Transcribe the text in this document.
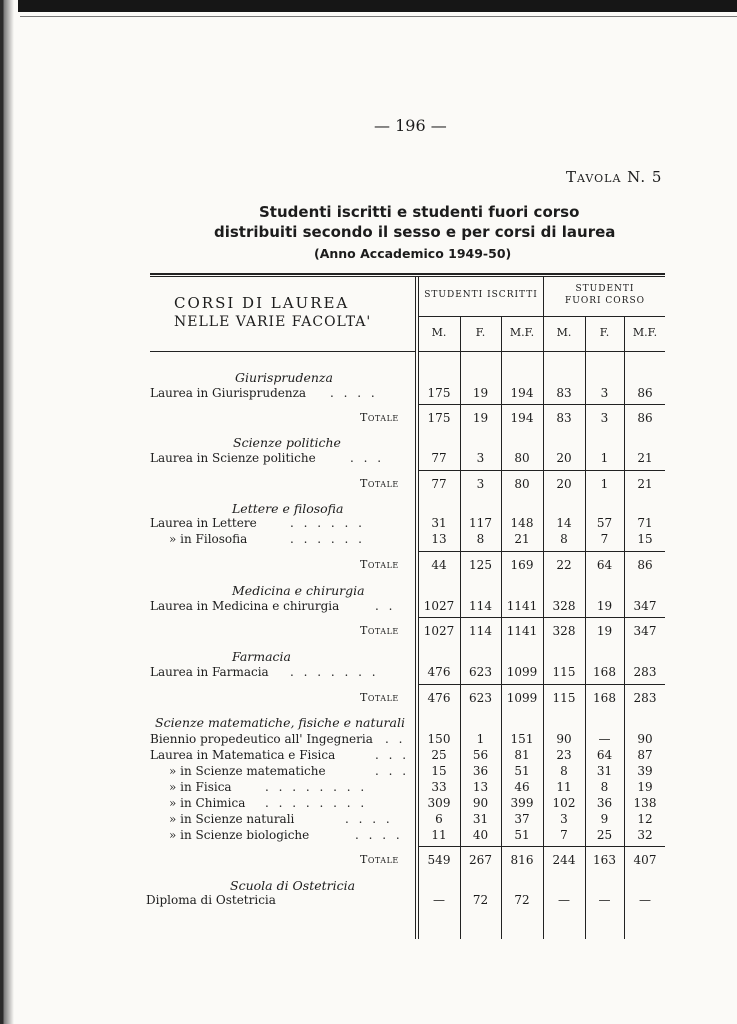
— 196 —
Tavola N. 5
Studenti iscritti e studenti fuori corso
distribuiti secondo il sesso e per corsi di laurea
(Anno Accademico 1949-50)
CORSI DI LAUREA
NELLE VARIE FACOLTA'
STUDENTI ISCRITTI
STUDENTI
FUORI CORSO
M.	F.	M.F.	M.	F.	M.F.
Giurisprudenza
Laurea in Giurisprudenza . . . .	175	19	194	83	3	86
Totale	175	19	194	83	3	86
Scienze politiche
Laurea in Scienze politiche	. . .	77	3	80	20	1	21
Totale	77	3	80	20	1	21
Lettere e filosofia
Laurea in Lettere	. . . . . .	31	117	148	14	57	71
» in Filosofia	. . . . . .	13	8	21	8	7	15
Totale	44	125	169	22	64	86
Medicina e chirurgia
Laurea in Medicina e chirurgia	. .	1027	114	1141	328	19	347
Totale	1027	114	1141	328	19	347
Farmacia
Laurea in Farmacia . . . . . . .	476	623	1099	115	168	283
Totale	476	623	1099	115	168	283
Scienze matematiche, fisiche e naturali
Biennio propedeutico all' Ingegneria . .	150	1	151	90	—	90
Laurea in Matematica e Fisica	. . .	25	56	81	23	64	87
» in Scienze matematiche	. . .	15	36	51	8	31	39
» in Fisica	. . . . . . . .	33	13	46	11	8	19
» in Chimica . . . . . . . .	309	90	399	102	36	138
» in Scienze naturali	. . . .	6	31	37	3	9	12
» in Scienze biologiche	. . . .	11	40	51	7	25	32
Totale	549	267	816	244	163	407
Scuola di Ostetricia
Diploma di Ostetricia	—	72	72	—	—	—
